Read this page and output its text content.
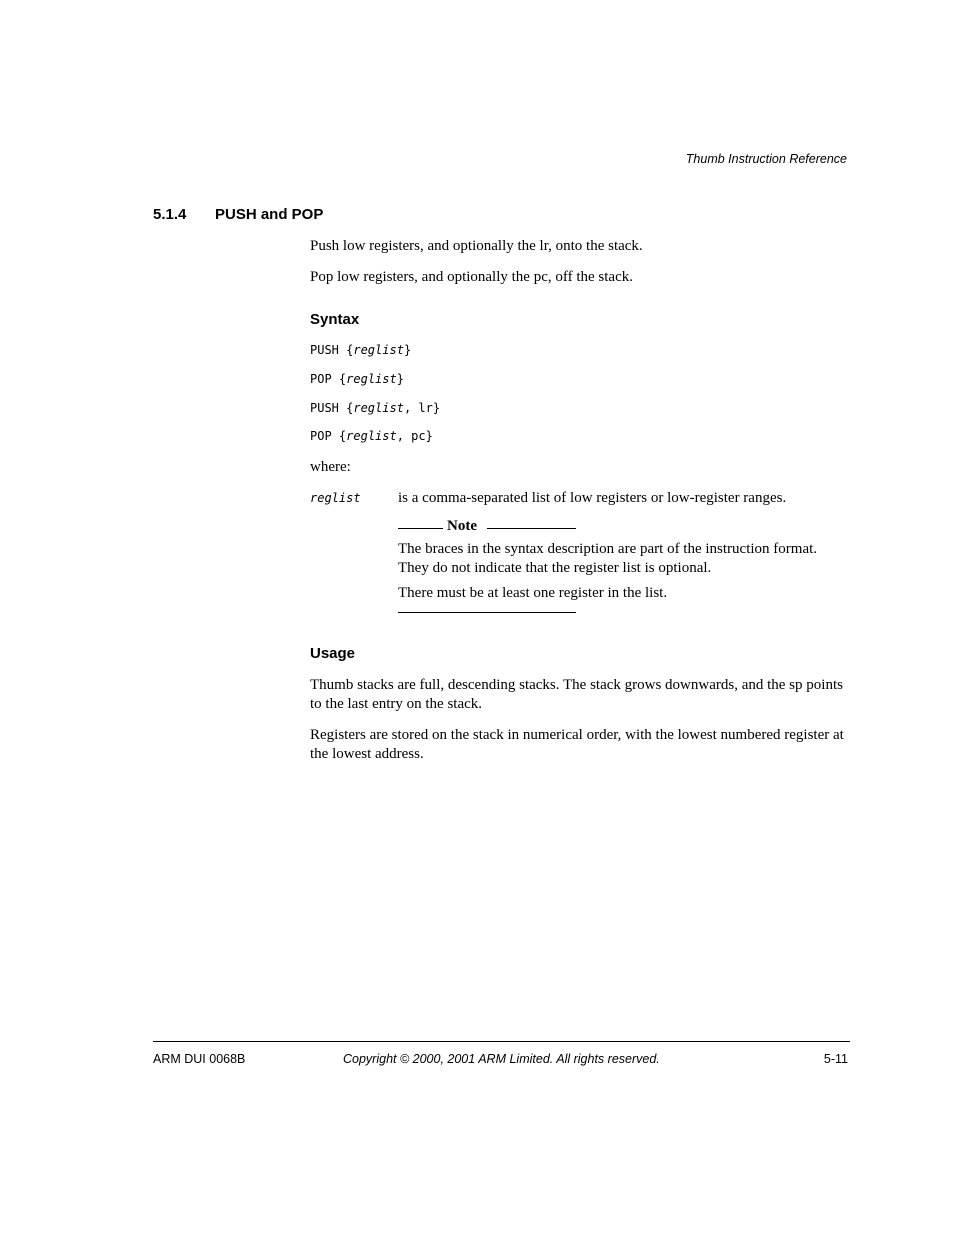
Thumb Instruction Reference
5.1.4 PUSH and POP
Push low registers, and optionally the lr, onto the stack.
Pop low registers, and optionally the pc, off the stack.
Syntax
PUSH {reglist}
POP {reglist}
PUSH {reglist, lr}
POP {reglist, pc}
where:
reglist is a comma-separated list of low registers or low-register ranges.
Note
The braces in the syntax description are part of the instruction format. They do not indicate that the register list is optional.
There must be at least one register in the list.
Usage
Thumb stacks are full, descending stacks. The stack grows downwards, and the sp points to the last entry on the stack.
Registers are stored on the stack in numerical order, with the lowest numbered register at the lowest address.
ARM DUI 0068B	Copyright © 2000, 2001 ARM Limited. All rights reserved.	5-11
